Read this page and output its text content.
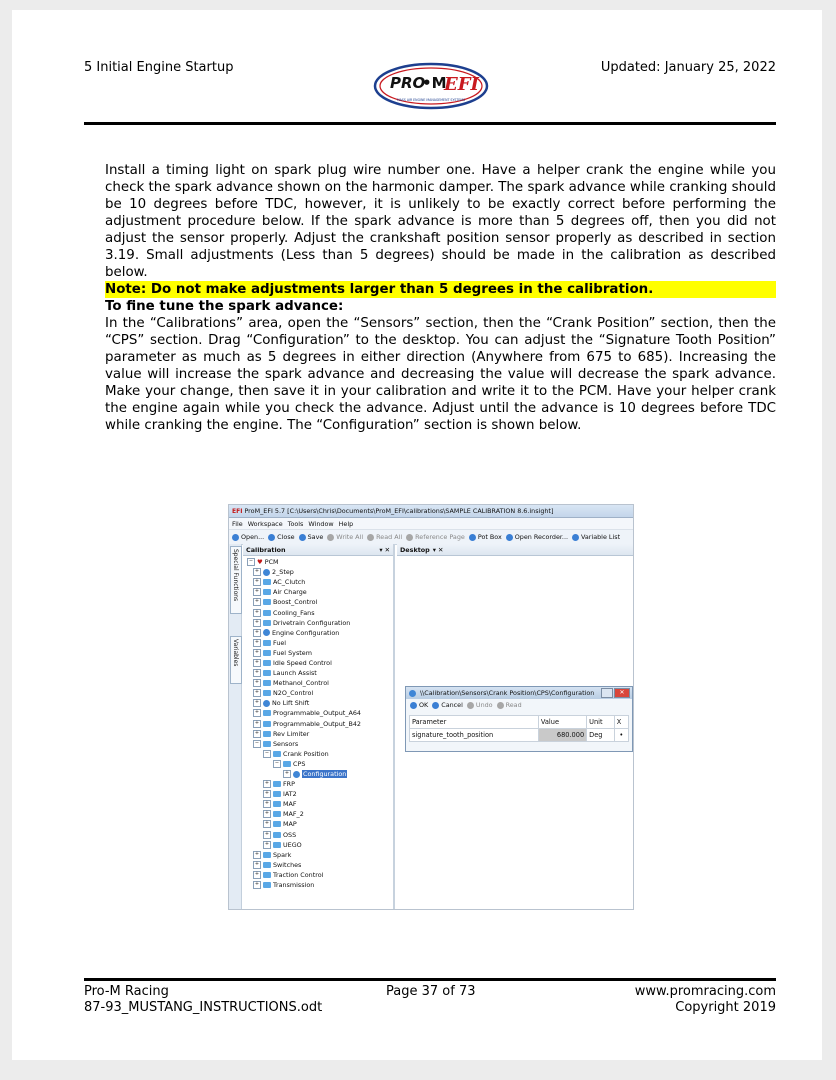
5 Initial Engine Startup
PRO
•M
EFI
MASS AIR ENGINE MANAGEMENT SYSTEMS
Updated: January 25, 2022

Install a timing light on spark plug wire number one. Have a helper crank the engine while you check the spark advance shown on the harmonic damper. The spark advance while cranking should be 10 degrees before TDC, however, it is unlikely to be exactly correct before performing the adjustment procedure below. If the spark advance is more than 5 degrees off, then you did not adjust the sensor properly. Adjust the crankshaft position sensor properly as described in section 3.19. Small adjustments (Less than 5 degrees) should be made in the calibration as described below.

Note: Do not make adjustments larger than 5 degrees in the calibration.

To fine tune the spark advance:

In the “Calibrations” area, open the “Sensors” section, then the “Crank Position” section, then the “CPS” section. Drag “Configuration” to the desktop. You can adjust the “Signature Tooth Position” parameter as much as 5 degrees in either direction (Anywhere from 675 to 685). Increasing the value will increase the spark advance and decreasing the value will decrease the spark advance. Make your change, then save it in your calibration and write it to the PCM. Have your helper crank the engine again while you check the advance. Adjust until the advance is 10 degrees before TDC while cranking the engine. The “Configuration” section is shown below.

EFI ProM_EFI 5.7 [C:\Users\Chris\Documents\ProM_EFI\calibrations\SAMPLE CALIBRATION 8.6.insight]
File Workspace Tools Window Help
Open... Close Save Write All Read All Reference Page Pot Box Open Recorder... Variable List
Special Functions
Variables
Calibration	▾ ✕
− ♥ PCM
+ 2_Step
+ AC_Clutch
+ Air Charge
+ Boost_Control
+ Cooling_Fans
+ Drivetrain Configuration
+ Engine Configuration
+ Fuel
+ Fuel System
+ Idle Speed Control
+ Launch Assist
+ Methanol_Control
+ N2O_Control
+ No Lift Shift
+ Programmable_Output_A64
+ Programmable_Output_B42
+ Rev Limiter
− Sensors
− Crank Position
− CPS
+ Configuration
+ FRP
+ IAT2
+ MAF
+ MAF_2
+ MAP
+ OSS
+ UEGO
+ Spark
+ Switches
+ Traction Control
+ Transmission
Desktop ▾ ✕
\\Calibration\Sensors\Crank Position\CPS\Configuration	✕
OK Cancel Undo Read
Parameter	Value	Unit	X
signature_tooth_position	680.000	Deg	•
Pro-M Racing
87-93_MUSTANG_INSTRUCTIONS.odt
Page 37 of 73	www.promracing.com
Copyright 2019
